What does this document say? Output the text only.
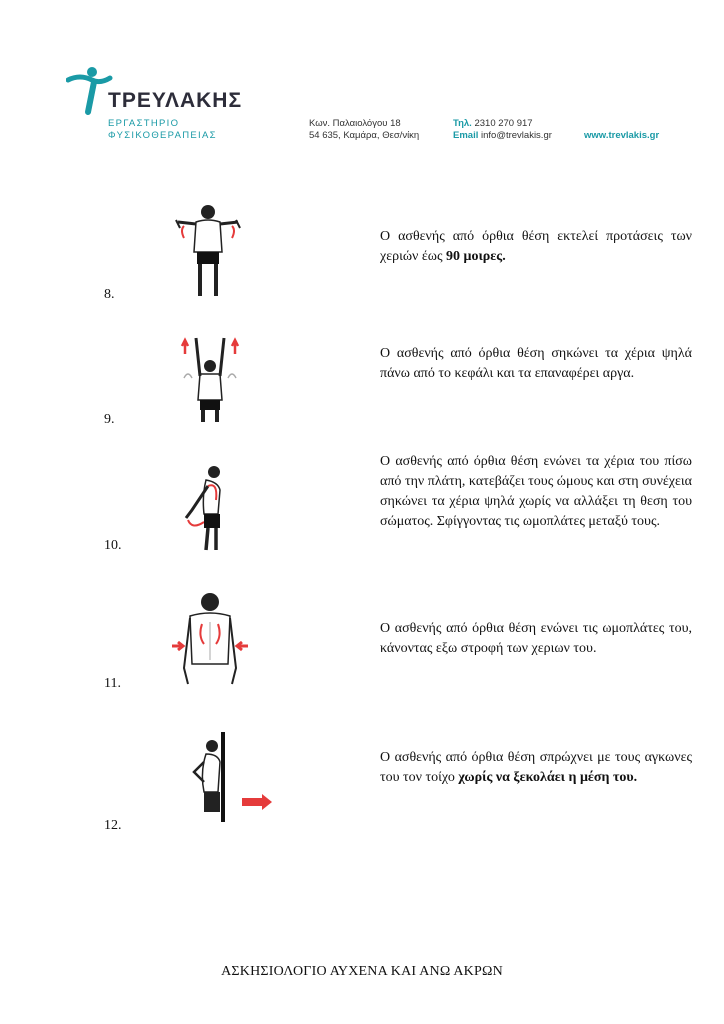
ΤΡΕΥΛΑΚΗΣ
ΕΡΓΑΣΤΗΡΙΟ
ΦΥΣΙΚΟΘΕΡΑΠΕΙΑΣ
Κων. Παλαιολόγου 18
54 635, Καμάρα, Θεσ/νίκη
Τηλ. 2310 270 917
Email info@trevlakis.gr	www.trevlakis.gr
8.
Ο ασθενής από όρθια θέση εκτελεί προτάσεις των χεριών έως 90 μοιρες.
9.
Ο ασθενής από όρθια θέση σηκώνει τα χέρια ψηλά πάνω από το κεφάλι και τα επαναφέρει αργα.
10.
Ο ασθενής από όρθια θέση ενώνει τα χέρια του πίσω από την πλάτη, κατεβάζει τους ώμους και στη συνέχεια σηκώνει τα χέρια ψηλά χωρίς να αλλάξει τη θεση του σώματος. Σφίγγοντας τις ωμοπλάτες μεταξύ τους.
11.
Ο ασθενής από όρθια θέση ενώνει τις ωμοπλάτες του, κάνοντας εξω στροφή των χεριων του.
12.
Ο ασθενής από όρθια θέση σπρώχνει με τους αγκωνες του τον τοίχο χωρίς να ξεκολάει η μέση του.
ΑΣΚΗΣΙΟΛΟΓΙΟ ΑΥΧΕΝΑ ΚΑΙ ΑΝΩ ΑΚΡΩΝ
